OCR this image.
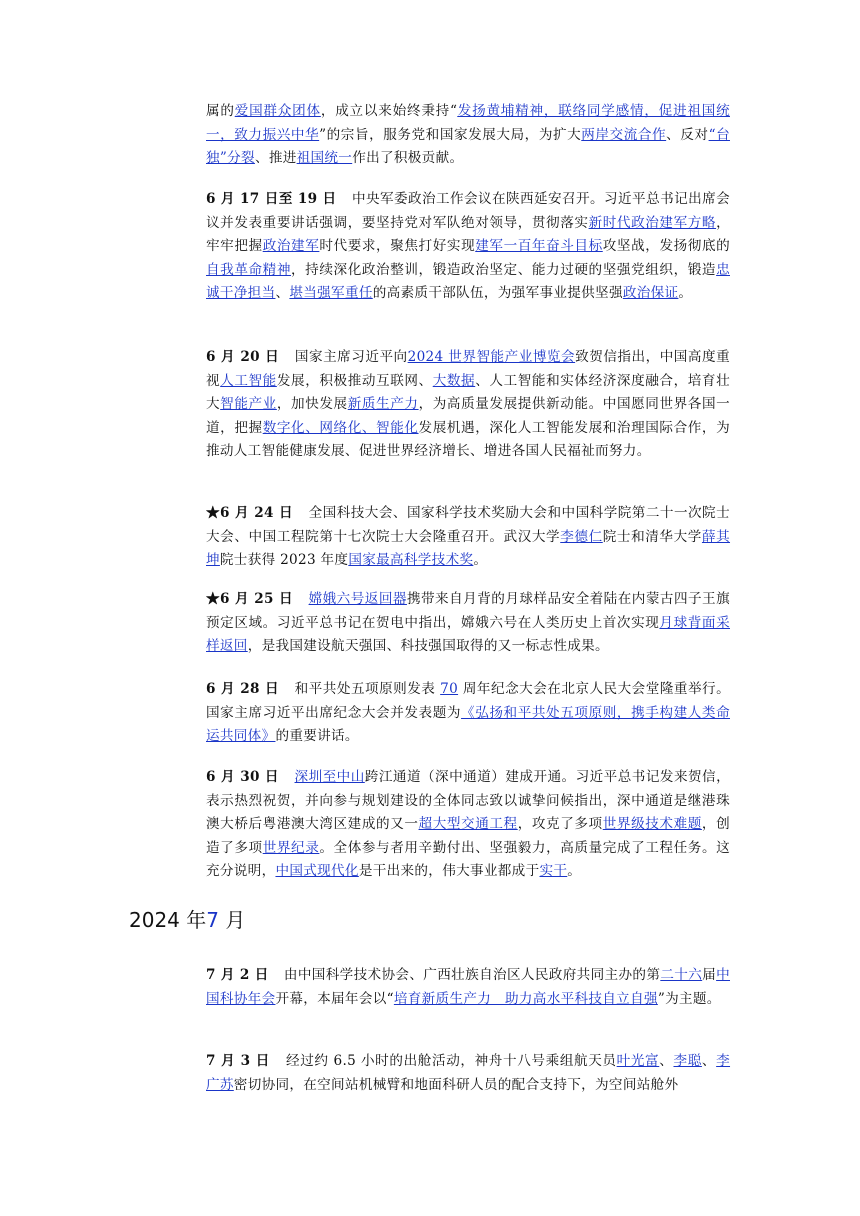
属的爱国群众团体，成立以来始终秉持“发扬黄埔精神，联络同学感情，促进祖国统一，致力振兴中华”的宗旨，服务党和国家发展大局，为扩大两岸交流合作、反对“台独”分裂、推进祖国统一作出了积极贡献。

6 月 17 日至 19 日   中央军委政治工作会议在陕西延安召开。习近平总书记出席会议并发表重要讲话强调，要坚持党对军队绝对领导，贯彻落实新时代政治建军方略，牢牢把握政治建军时代要求，聚焦打好实现建军一百年奋斗目标攻坚战，发扬彻底的自我革命精神，持续深化政治整训，锻造政治坚定、能力过硬的坚强党组织，锻造忠诚干净担当、堪当强军重任的高素质干部队伍，为强军事业提供坚强政治保证。

6 月 20 日   国家主席习近平向2024 世界智能产业博览会致贺信指出，中国高度重视人工智能发展，积极推动互联网、大数据、人工智能和实体经济深度融合，培育壮大智能产业，加快发展新质生产力，为高质量发展提供新动能。中国愿同世界各国一道，把握数字化、网络化、智能化发展机遇，深化人工智能发展和治理国际合作，为推动人工智能健康发展、促进世界经济增长、增进各国人民福祉而努力。

★6 月 24 日   全国科技大会、国家科学技术奖励大会和中国科学院第二十一次院士大会、中国工程院第十七次院士大会隆重召开。武汉大学李德仁院士和清华大学薛其坤院士获得 2023 年度国家最高科学技术奖。

★6 月 25 日   嫦娥六号返回器携带来自月背的月球样品安全着陆在内蒙古四子王旗预定区域。习近平总书记在贺电中指出，嫦娥六号在人类历史上首次实现月球背面采样返回，是我国建设航天强国、科技强国取得的又一标志性成果。

6 月 28 日   和平共处五项原则发表 70 周年纪念大会在北京人民大会堂隆重举行。国家主席习近平出席纪念大会并发表题为《弘扬和平共处五项原则，携手构建人类命运共同体》的重要讲话。

6 月 30 日   深圳至中山跨江通道（深中通道）建成开通。习近平总书记发来贺信，表示热烈祝贺，并向参与规划建设的全体同志致以诚挚问候指出，深中通道是继港珠澳大桥后粤港澳大湾区建成的又一超大型交通工程，攻克了多项世界级技术难题，创造了多项世界纪录。全体参与者用辛勤付出、坚强毅力，高质量完成了工程任务。这充分说明，中国式现代化是干出来的，伟大事业都成于实干。

2024 年7 月

7 月 2 日   由中国科学技术协会、广西壮族自治区人民政府共同主办的第二十六届中国科协年会开幕，本届年会以“培育新质生产力　助力高水平科技自立自强”为主题。

7 月 3 日   经过约 6.5 小时的出舱活动，神舟十八号乘组航天员叶光富、李聪、李广苏密切协同，在空间站机械臂和地面科研人员的配合支持下，为空间站舱外
